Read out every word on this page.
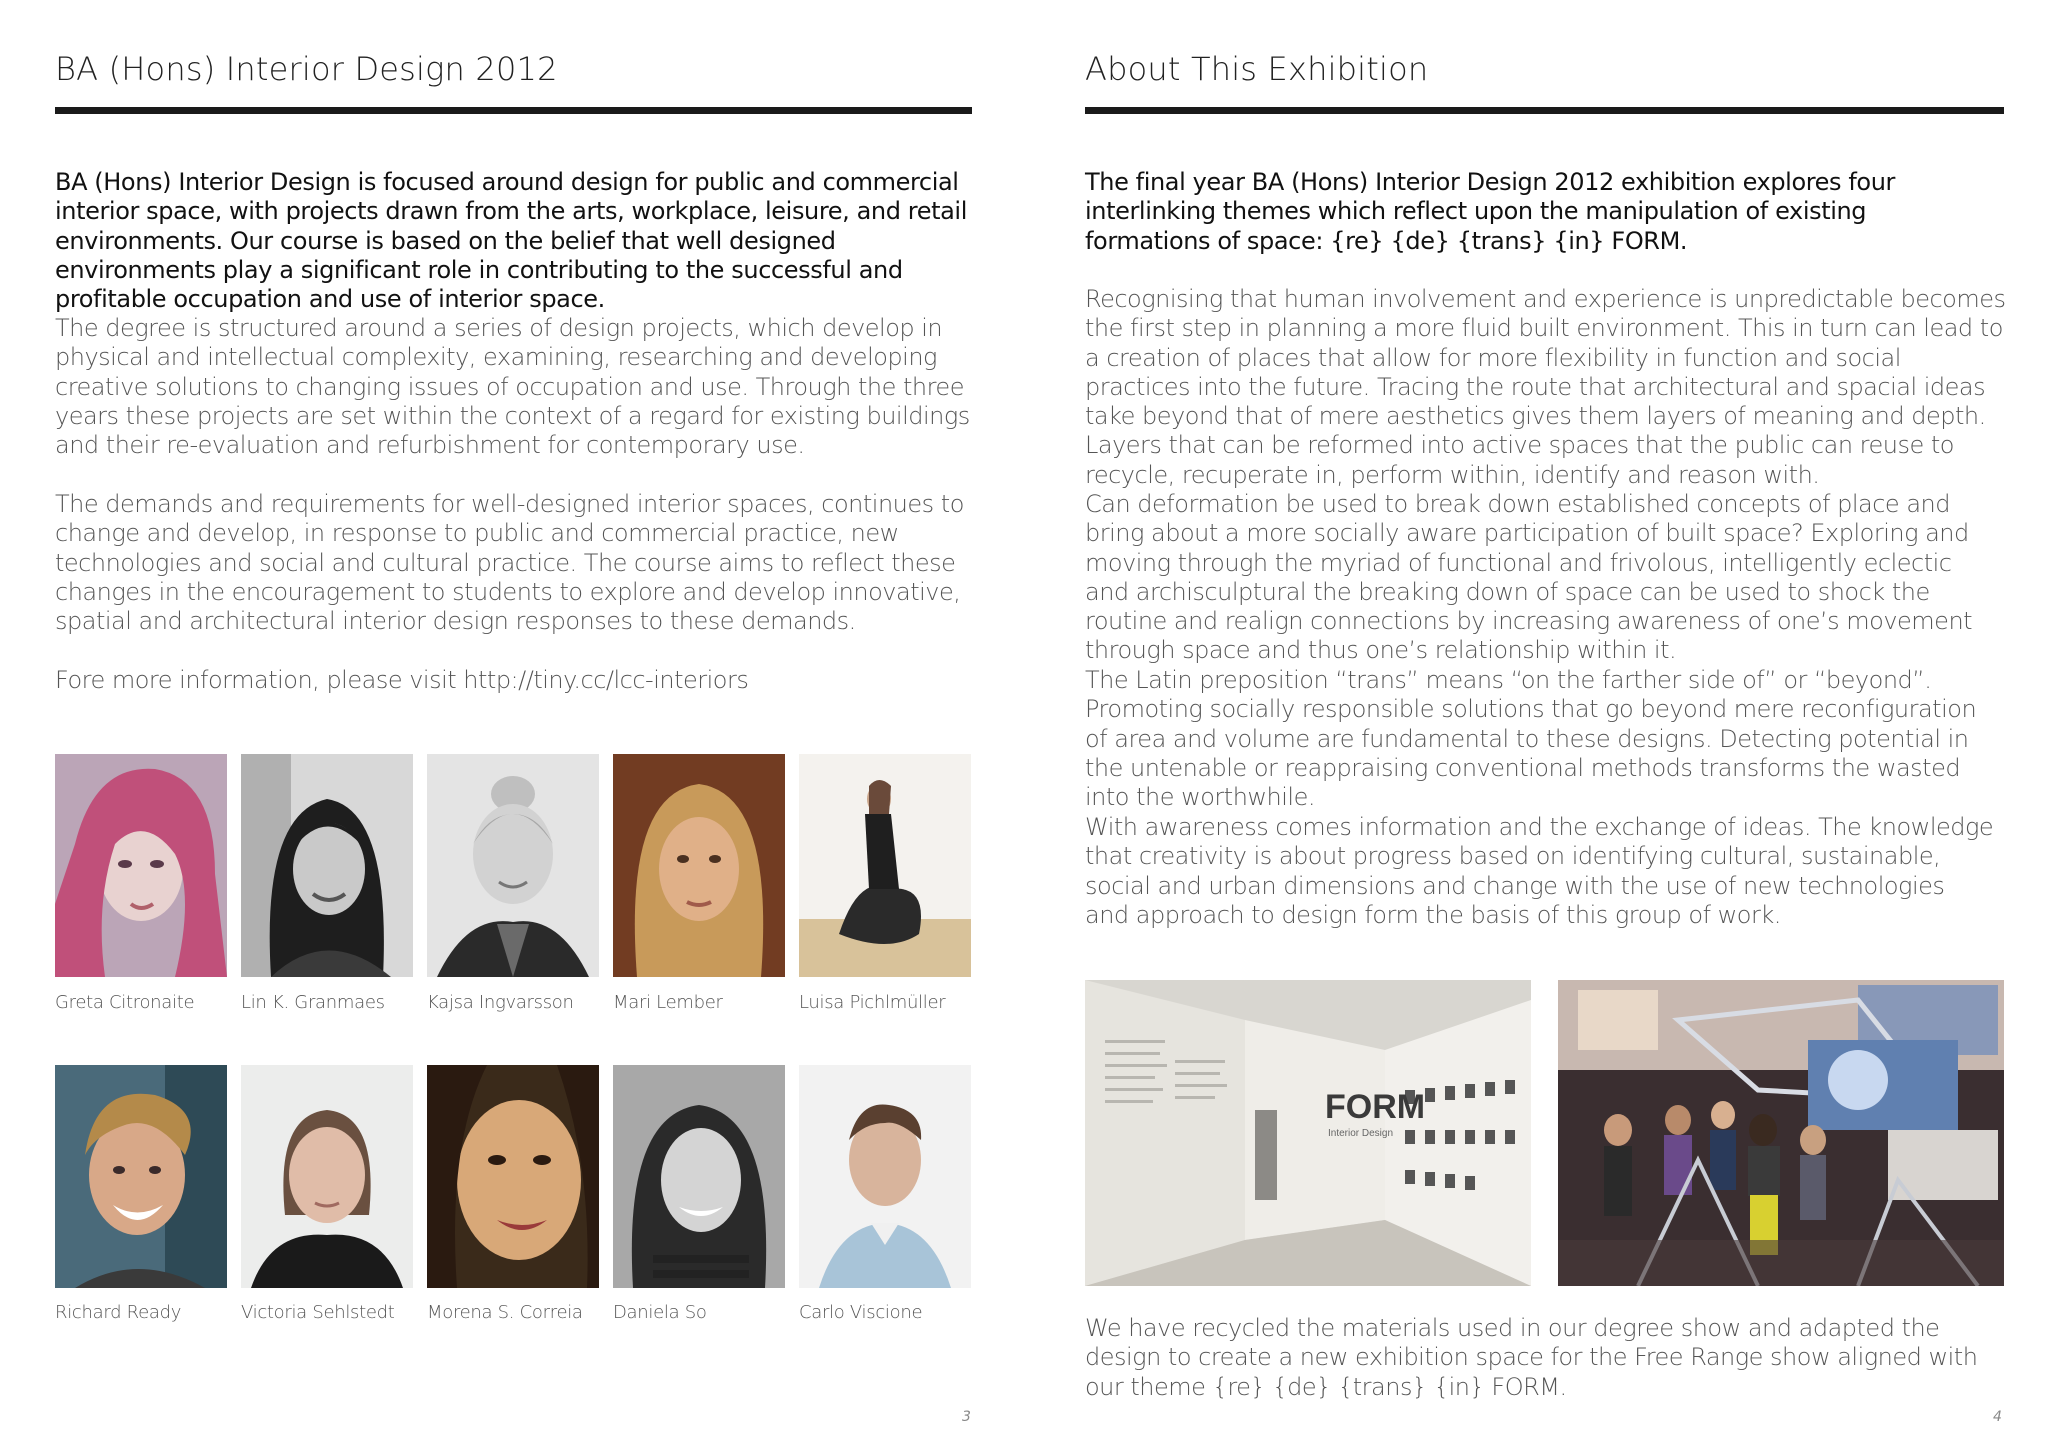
BA (Hons) Interior Design 2012

BA (Hons) Interior Design is focused around design for public and commercial interior space, with projects drawn from the arts, workplace, leisure, and retail environments. Our course is based on the belief that well designed environments play a significant role in contributing to the successful and profitable occupation and use of interior space.

The degree is structured around a series of design projects, which develop in physical and intellectual complexity, examining, researching and developing creative solutions to changing issues of occupation and use. Through the three years these projects are set within the context of a regard for existing buildings and their re-evaluation and refurbishment for contemporary use.

The demands and requirements for well-designed interior spaces, continues to change and develop, in response to public and commercial practice, new technologies and social and cultural practice. The course aims to reflect these changes in the encouragement to students to explore and develop innovative, spatial and architectural interior design responses to these demands.

Fore more information, please visit http://tiny.cc/lcc-interiors

Greta Citronaite	Lin K. Granmaes Kajsa Ingvarsson Mari Lember	Luisa Pichlmüller
Richard Ready	Victoria Sehlstedt Morena S. Correia Daniela So	Carlo Viscione
3
About This Exhibition

The final year BA (Hons) Interior Design 2012 exhibition explores four interlinking themes which reflect upon the manipulation of existing formations of space: {re} {de} {trans} {in} FORM.

Recognising that human involvement and experience is unpredictable becomes the first step in planning a more fluid built environment. This in turn can lead to a creation of places that allow for more flexibility in function and social practices into the future. Tracing the route that architectural and spacial ideas take beyond that of mere aesthetics gives them layers of meaning and depth. Layers that can be reformed into active spaces that the public can reuse to recycle, recuperate in, perform within, identify and reason with.

Can deformation be used to break down established concepts of place and bring about a more socially aware participation of built space? Exploring and moving through the myriad of functional and frivolous, intelligently eclectic and archisculptural the breaking down of space can be used to shock the routine and realign connections by increasing awareness of one’s movement through space and thus one’s relationship within it.

The Latin preposition “trans” means “on the farther side of” or “beyond”. Promoting socially responsible solutions that go beyond mere reconfiguration of area and volume are fundamental to these designs. Detecting potential in the untenable or reappraising conventional methods transforms the wasted into the worthwhile.

With awareness comes information and the exchange of ideas. The knowledge that creativity is about progress based on identifying cultural, sustainable, social and urban dimensions and change with the use of new technologies and approach to design form the basis of this group of work.

FORM
Interior Design

We have recycled the materials used in our degree show and adapted the design to create a new exhibition space for the Free Range show aligned with our theme {re} {de} {trans} {in} FORM.

4
